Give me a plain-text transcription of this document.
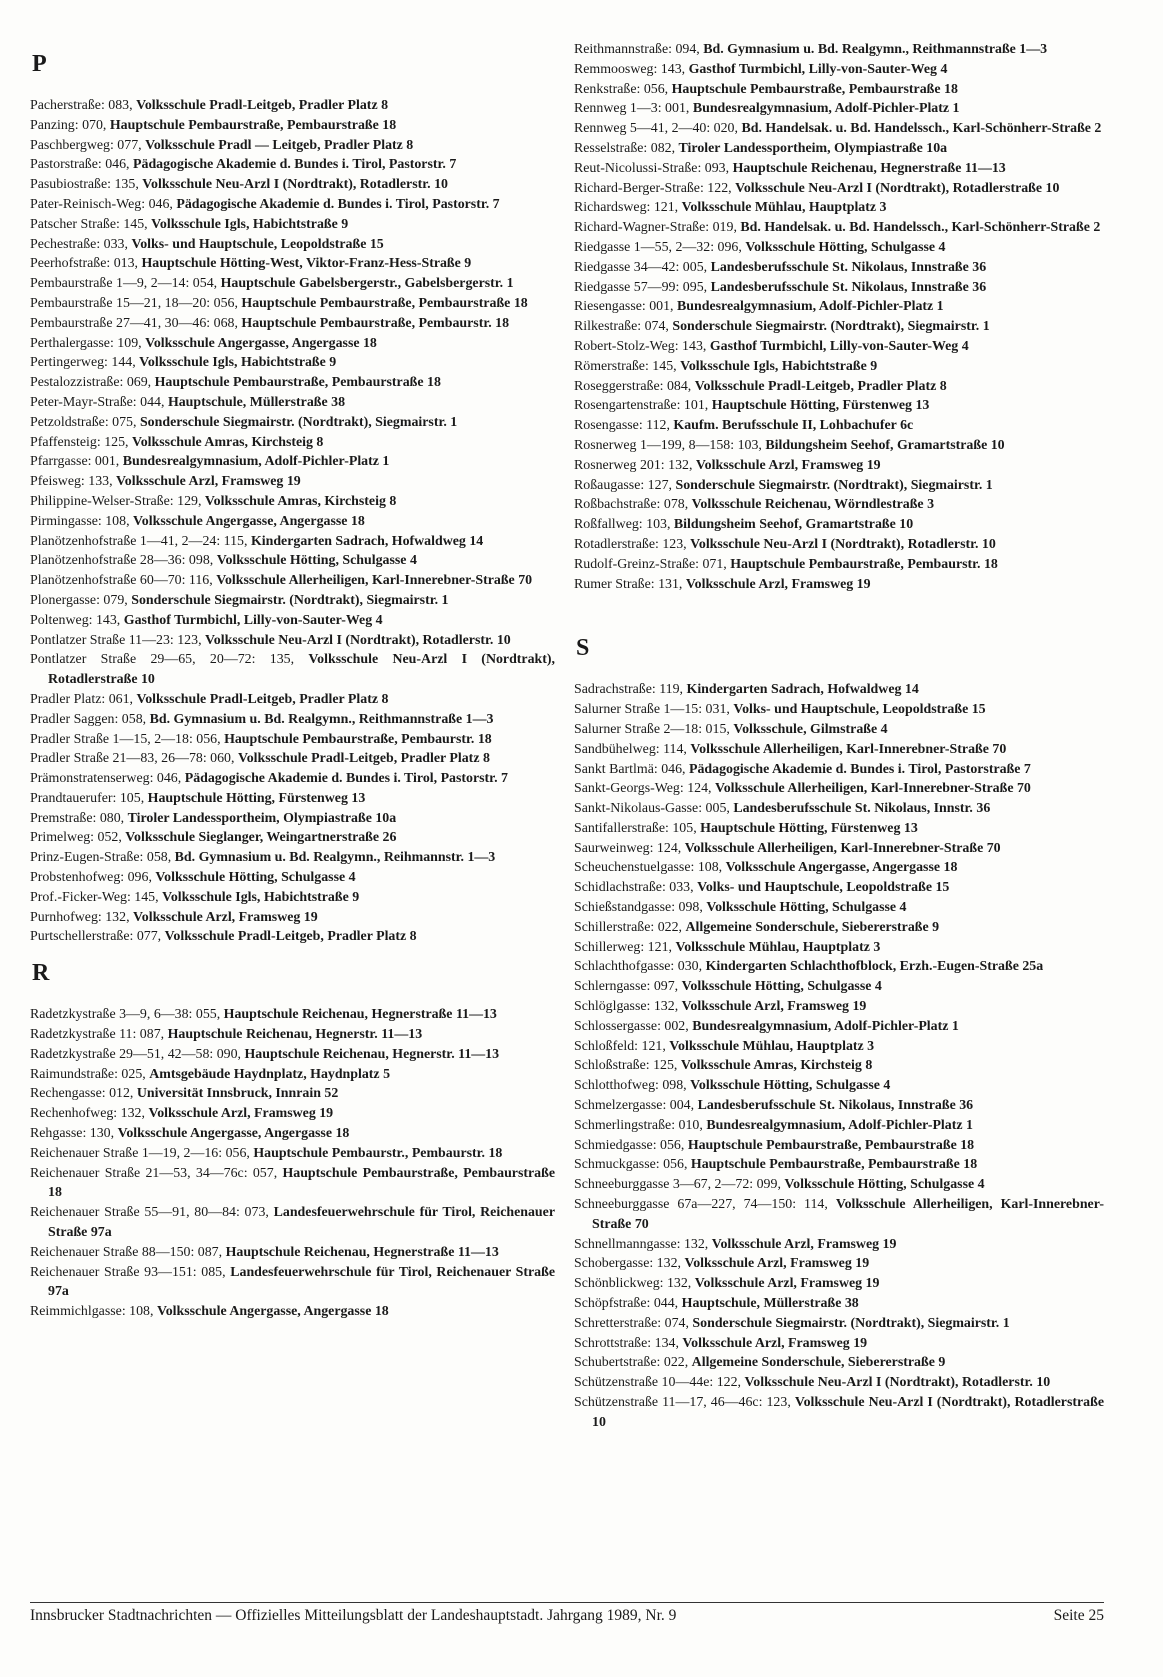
P
Pacherstraße: 083, Volksschule Pradl-Leitgeb, Pradler Platz 8
Panzing: 070, Hauptschule Pembaurstraße, Pembaurstraße 18
Paschbergweg: 077, Volksschule Pradl — Leitgeb, Pradler Platz 8
Pastorstraße: 046, Pädagogische Akademie d. Bundes i. Tirol, Pastorstr. 7
Pasubiostraße: 135, Volksschule Neu-Arzl I (Nordtrakt), Rotadlerstr. 10
Pater-Reinisch-Weg: 046, Pädagogische Akademie d. Bundes i. Tirol, Pastorstr. 7
Patscher Straße: 145, Volksschule Igls, Habichtstraße 9
Pechestraße: 033, Volks- und Hauptschule, Leopoldstraße 15
Peerhofstraße: 013, Hauptschule Hötting-West, Viktor-Franz-Hess-Straße 9
Pembaurstraße 1—9, 2—14: 054, Hauptschule Gabelsbergerstr., Gabelsbergerstr. 1
Pembaurstraße 15—21, 18—20: 056, Hauptschule Pembaurstraße, Pembaurstraße 18
Pembaurstraße 27—41, 30—46: 068, Hauptschule Pembaurstraße, Pembaurstr. 18
Perthalergasse: 109, Volksschule Angergasse, Angergasse 18
Pertingerweg: 144, Volksschule Igls, Habichtstraße 9
Pestalozzistraße: 069, Hauptschule Pembaurstraße, Pembaurstraße 18
Peter-Mayr-Straße: 044, Hauptschule, Müllerstraße 38
Petzoldstraße: 075, Sonderschule Siegmairstr. (Nordtrakt), Siegmairstr. 1
Pfaffensteig: 125, Volksschule Amras, Kirchsteig 8
Pfarrgasse: 001, Bundesrealgymnasium, Adolf-Pichler-Platz 1
Pfeisweg: 133, Volksschule Arzl, Framsweg 19
Philippine-Welser-Straße: 129, Volksschule Amras, Kirchsteig 8
Pirmingasse: 108, Volksschule Angergasse, Angergasse 18
Planötzenhofstraße 1—41, 2—24: 115, Kindergarten Sadrach, Hofwaldweg 14
Planötzenhofstraße 28—36: 098, Volksschule Hötting, Schulgasse 4
Planötzenhofstraße 60—70: 116, Volksschule Allerheiligen, Karl-Innerebner-Straße 70
Plonergasse: 079, Sonderschule Siegmairstr. (Nordtrakt), Siegmairstr. 1
Poltenweg: 143, Gasthof Turmbichl, Lilly-von-Sauter-Weg 4
Pontlatzer Straße 11—23: 123, Volksschule Neu-Arzl I (Nordtrakt), Rotadlerstr. 10
Pontlatzer Straße 29—65, 20—72: 135, Volksschule Neu-Arzl I (Nordtrakt), Rotadlerstraße 10
Pradler Platz: 061, Volksschule Pradl-Leitgeb, Pradler Platz 8
Pradler Saggen: 058, Bd. Gymnasium u. Bd. Realgymn., Reithmannstraße 1—3
Pradler Straße 1—15, 2—18: 056, Hauptschule Pembaurstraße, Pembaurstr. 18
Pradler Straße 21—83, 26—78: 060, Volksschule Pradl-Leitgeb, Pradler Platz 8
Prämonstratenserweg: 046, Pädagogische Akademie d. Bundes i. Tirol, Pastorstr. 7
Prandtauerufer: 105, Hauptschule Hötting, Fürstenweg 13
Premstraße: 080, Tiroler Landessportheim, Olympiastraße 10a
Primelweg: 052, Volksschule Sieglanger, Weingartnerstraße 26
Prinz-Eugen-Straße: 058, Bd. Gymnasium u. Bd. Realgymn., Reihmannstr. 1—3
Probstenhofweg: 096, Volksschule Hötting, Schulgasse 4
Prof.-Ficker-Weg: 145, Volksschule Igls, Habichtstraße 9
Purnhofweg: 132, Volksschule Arzl, Framsweg 19
Purtschellerstraße: 077, Volksschule Pradl-Leitgeb, Pradler Platz 8
R
Radetzkystraße 3—9, 6—38: 055, Hauptschule Reichenau, Hegnerstraße 11—13
Radetzkystraße 11: 087, Hauptschule Reichenau, Hegnerstr. 11—13
Radetzkystraße 29—51, 42—58: 090, Hauptschule Reichenau, Hegnerstr. 11—13
Raimundstraße: 025, Amtsgebäude Haydnplatz, Haydnplatz 5
Rechengasse: 012, Universität Innsbruck, Innrain 52
Rechenhofweg: 132, Volksschule Arzl, Framsweg 19
Rehgasse: 130, Volksschule Angergasse, Angergasse 18
Reichenauer Straße 1—19, 2—16: 056, Hauptschule Pembaurstr., Pembaurstr. 18
Reichenauer Straße 21—53, 34—76c: 057, Hauptschule Pembaurstraße, Pembaurstraße 18
Reichenauer Straße 55—91, 80—84: 073, Landesfeuerwehrschule für Tirol, Reichenauer Straße 97a
Reichenauer Straße 88—150: 087, Hauptschule Reichenau, Hegnerstraße 11—13
Reichenauer Straße 93—151: 085, Landesfeuerwehrschule für Tirol, Reichenauer Straße 97a
Reimmichlgasse: 108, Volksschule Angergasse, Angergasse 18
Reithmannstraße: 094, Bd. Gymnasium u. Bd. Realgymn., Reithmannstraße 1—3
Remmoosweg: 143, Gasthof Turmbichl, Lilly-von-Sauter-Weg 4
Renkstraße: 056, Hauptschule Pembaurstraße, Pembaurstraße 18
Rennweg 1—3: 001, Bundesrealgymnasium, Adolf-Pichler-Platz 1
Rennweg 5—41, 2—40: 020, Bd. Handelsak. u. Bd. Handelssch., Karl-Schönherr-Straße 2
Resselstraße: 082, Tiroler Landessportheim, Olympiastraße 10a
Reut-Nicolussi-Straße: 093, Hauptschule Reichenau, Hegnerstraße 11—13
Richard-Berger-Straße: 122, Volksschule Neu-Arzl I (Nordtrakt), Rotadlerstraße 10
Richardsweg: 121, Volksschule Mühlau, Hauptplatz 3
Richard-Wagner-Straße: 019, Bd. Handelsak. u. Bd. Handelssch., Karl-Schönherr-Straße 2
Riedgasse 1—55, 2—32: 096, Volksschule Hötting, Schulgasse 4
Riedgasse 34—42: 005, Landesberufsschule St. Nikolaus, Innstraße 36
Riedgasse 57—99: 095, Landesberufsschule St. Nikolaus, Innstraße 36
Riesengasse: 001, Bundesrealgymnasium, Adolf-Pichler-Platz 1
Rilkestraße: 074, Sonderschule Siegmairstr. (Nordtrakt), Siegmairstr. 1
Robert-Stolz-Weg: 143, Gasthof Turmbichl, Lilly-von-Sauter-Weg 4
Römerstraße: 145, Volksschule Igls, Habichtstraße 9
Roseggerstraße: 084, Volksschule Pradl-Leitgeb, Pradler Platz 8
Rosengartenstraße: 101, Hauptschule Hötting, Fürstenweg 13
Rosengasse: 112, Kaufm. Berufsschule II, Lohbachufer 6c
Rosnerweg 1—199, 8—158: 103, Bildungsheim Seehof, Gramartstraße 10
Rosnerweg 201: 132, Volksschule Arzl, Framsweg 19
Roßaugasse: 127, Sonderschule Siegmairstr. (Nordtrakt), Siegmairstr. 1
Roßbachstraße: 078, Volksschule Reichenau, Wörndlestraße 3
Roßfallweg: 103, Bildungsheim Seehof, Gramartstraße 10
Rotadlerstraße: 123, Volksschule Neu-Arzl I (Nordtrakt), Rotadlerstr. 10
Rudolf-Greinz-Straße: 071, Hauptschule Pembaurstraße, Pembaurstr. 18
Rumer Straße: 131, Volksschule Arzl, Framsweg 19
S
Sadrachstraße: 119, Kindergarten Sadrach, Hofwaldweg 14
Salurner Straße 1—15: 031, Volks- und Hauptschule, Leopoldstraße 15
Salurner Straße 2—18: 015, Volksschule, Gilmstraße 4
Sandbühelweg: 114, Volksschule Allerheiligen, Karl-Innerebner-Straße 70
Sankt Bartlmä: 046, Pädagogische Akademie d. Bundes i. Tirol, Pastorstraße 7
Sankt-Georgs-Weg: 124, Volksschule Allerheiligen, Karl-Innerebner-Straße 70
Sankt-Nikolaus-Gasse: 005, Landesberufsschule St. Nikolaus, Innstr. 36
Santifallerstraße: 105, Hauptschule Hötting, Fürstenweg 13
Saurweinweg: 124, Volksschule Allerheiligen, Karl-Innerebner-Straße 70
Scheuchenstuelgasse: 108, Volksschule Angergasse, Angergasse 18
Schidlachstraße: 033, Volks- und Hauptschule, Leopoldstraße 15
Schießstandgasse: 098, Volksschule Hötting, Schulgasse 4
Schillerstraße: 022, Allgemeine Sonderschule, Siebererstraße 9
Schillerweg: 121, Volksschule Mühlau, Hauptplatz 3
Schlachthofgasse: 030, Kindergarten Schlachthofblock, Erzh.-Eugen-Straße 25a
Schlerngasse: 097, Volksschule Hötting, Schulgasse 4
Schlöglgasse: 132, Volksschule Arzl, Framsweg 19
Schlossergasse: 002, Bundesrealgymnasium, Adolf-Pichler-Platz 1
Schloßfeld: 121, Volksschule Mühlau, Hauptplatz 3
Schloßstraße: 125, Volksschule Amras, Kirchsteig 8
Schlotthofweg: 098, Volksschule Hötting, Schulgasse 4
Schmelzergasse: 004, Landesberufsschule St. Nikolaus, Innstraße 36
Schmerlingstraße: 010, Bundesrealgymnasium, Adolf-Pichler-Platz 1
Schmiedgasse: 056, Hauptschule Pembaurstraße, Pembaurstraße 18
Schmuckgasse: 056, Hauptschule Pembaurstraße, Pembaurstraße 18
Schneeburggasse 3—67, 2—72: 099, Volksschule Hötting, Schulgasse 4
Schneeburggasse 67a—227, 74—150: 114, Volksschule Allerheiligen, Karl-Innerebner-Straße 70
Schnellmanngasse: 132, Volksschule Arzl, Framsweg 19
Schobergasse: 132, Volksschule Arzl, Framsweg 19
Schönblickweg: 132, Volksschule Arzl, Framsweg 19
Schöpfstraße: 044, Hauptschule, Müllerstraße 38
Schretterstraße: 074, Sonderschule Siegmairstr. (Nordtrakt), Siegmairstr. 1
Schrottstraße: 134, Volksschule Arzl, Framsweg 19
Schubertstraße: 022, Allgemeine Sonderschule, Siebererstraße 9
Schützenstraße 10—44e: 122, Volksschule Neu-Arzl I (Nordtrakt), Rotadlerstr. 10
Schützenstraße 11—17, 46—46c: 123, Volksschule Neu-Arzl I (Nordtrakt), Rotadlerstraße 10
Innsbrucker Stadtnachrichten — Offizielles Mitteilungsblatt der Landeshauptstadt. Jahrgang 1989, Nr. 9	Seite 25
